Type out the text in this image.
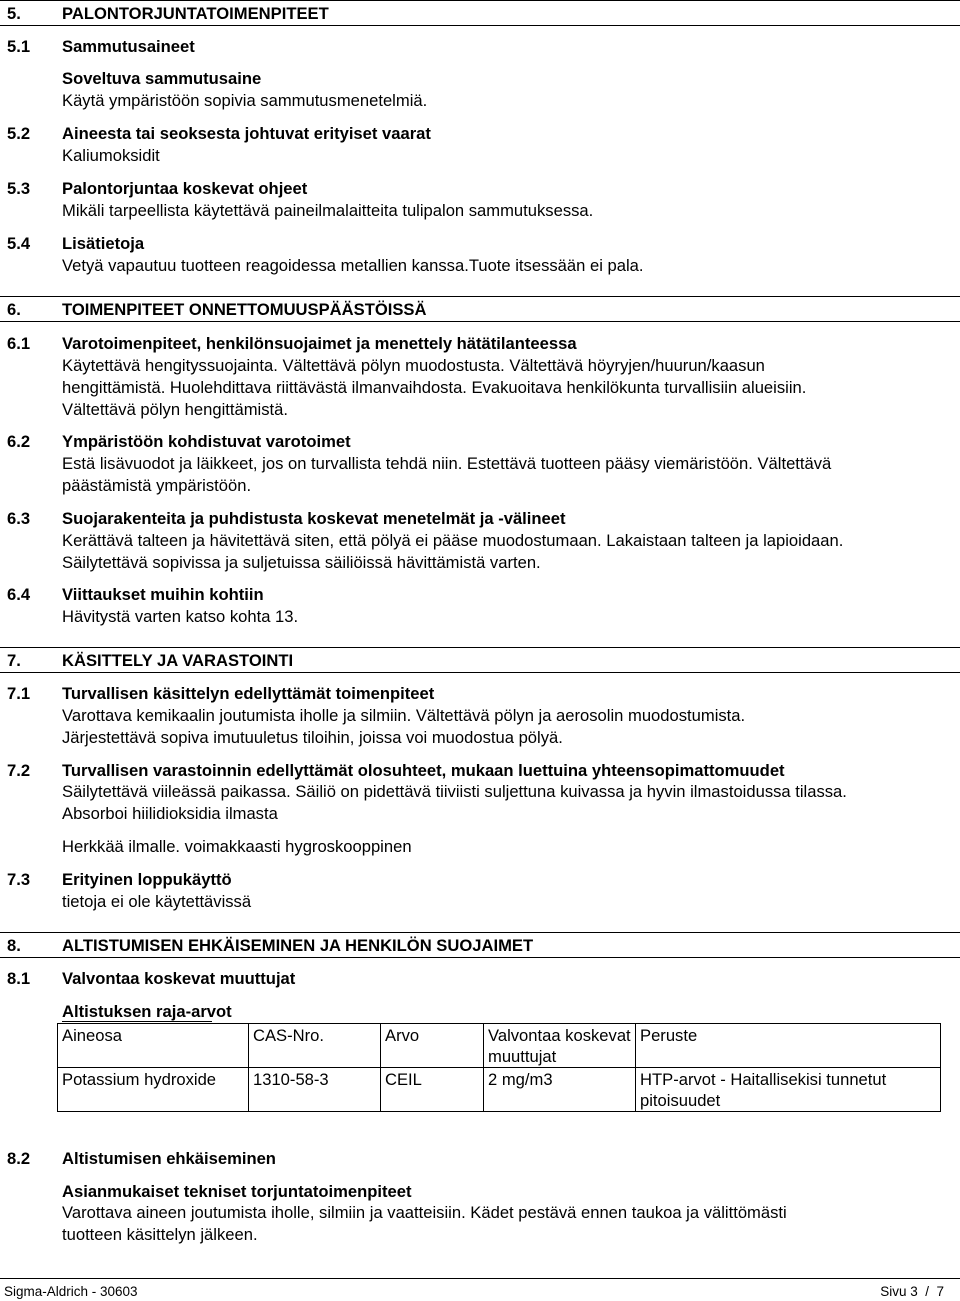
5. PALONTORJUNTATOIMENPITEET
5.1 Sammutusaineet
Soveltuva sammutusaine
Käytä ympäristöön sopivia sammutusmenetelmiä.
5.2 Aineesta tai seoksesta johtuvat erityiset vaarat
Kaliumoksidit
5.3 Palontorjuntaa koskevat ohjeet
Mikäli tarpeellista käytettävä paineilmalaitteita tulipalon sammutuksessa.
5.4 Lisätietoja
Vetyä vapautuu tuotteen reagoidessa metallien kanssa.Tuote itsessään ei pala.
6. TOIMENPITEET ONNETTOMUUSPÄÄSTÖISSÄ
6.1 Varotoimenpiteet, henkilönsuojaimet ja menettely hätätilanteessa
Käytettävä hengityssuojainta. Vältettävä pölyn muodostusta. Vältettävä höyryjen/huurun/kaasun
hengittämistä. Huolehdittava riittävästä ilmanvaihdosta. Evakuoitava henkilökunta turvallisiin alueisiin.
Vältettävä pölyn hengittämistä.
6.2 Ympäristöön kohdistuvat varotoimet
Estä lisävuodot ja läikkeet, jos on turvallista tehdä niin. Estettävä tuotteen pääsy viemäristöön. Vältettävä
päästämistä ympäristöön.
6.3 Suojarakenteita ja puhdistusta koskevat menetelmät ja -välineet
Kerättävä talteen ja hävitettävä siten, että pölyä ei pääse muodostumaan. Lakaistaan talteen ja lapioidaan.
Säilytettävä sopivissa ja suljetuissa säiliöissä hävittämistä varten.
6.4 Viittaukset muihin kohtiin
Hävitystä varten katso kohta 13.
7. KÄSITTELY JA VARASTOINTI
7.1 Turvallisen käsittelyn edellyttämät toimenpiteet
Varottava kemikaalin joutumista iholle ja silmiin. Vältettävä pölyn ja aerosolin muodostumista.
Järjestettävä sopiva imutuuletus tiloihin, joissa voi muodostua pölyä.
7.2 Turvallisen varastoinnin edellyttämät olosuhteet, mukaan luettuina yhteensopimattomuudet
Säilytettävä viileässä paikassa. Säiliö on pidettävä tiiviisti suljettuna kuivassa ja hyvin ilmastoidussa tilassa.
Absorboi hiilidioksidia ilmasta
Herkkää ilmalle. voimakkaasti hygroskooppinen
7.3 Erityinen loppukäyttö
tietoja ei ole käytettävissä
8. ALTISTUMISEN EHKÄISEMINEN JA HENKILÖN SUOJAIMET
8.1 Valvontaa koskevat muuttujat
Altistuksen raja-arvot
Aineosa	CAS-Nro.	Arvo	Valvontaa koskevat muuttujat	Peruste
Potassium hydroxide	1310-58-3	CEIL	2 mg/m3	HTP-arvot - Haitallisekisi tunnetut pitoisuudet
8.2 Altistumisen ehkäiseminen
Asianmukaiset tekniset torjuntatoimenpiteet
Varottava aineen joutumista iholle, silmiin ja vaatteisiin. Kädet pestävä ennen taukoa ja välittömästi
tuotteen käsittelyn jälkeen.
Sigma-Aldrich - 30603	Sivu 3  /  7
